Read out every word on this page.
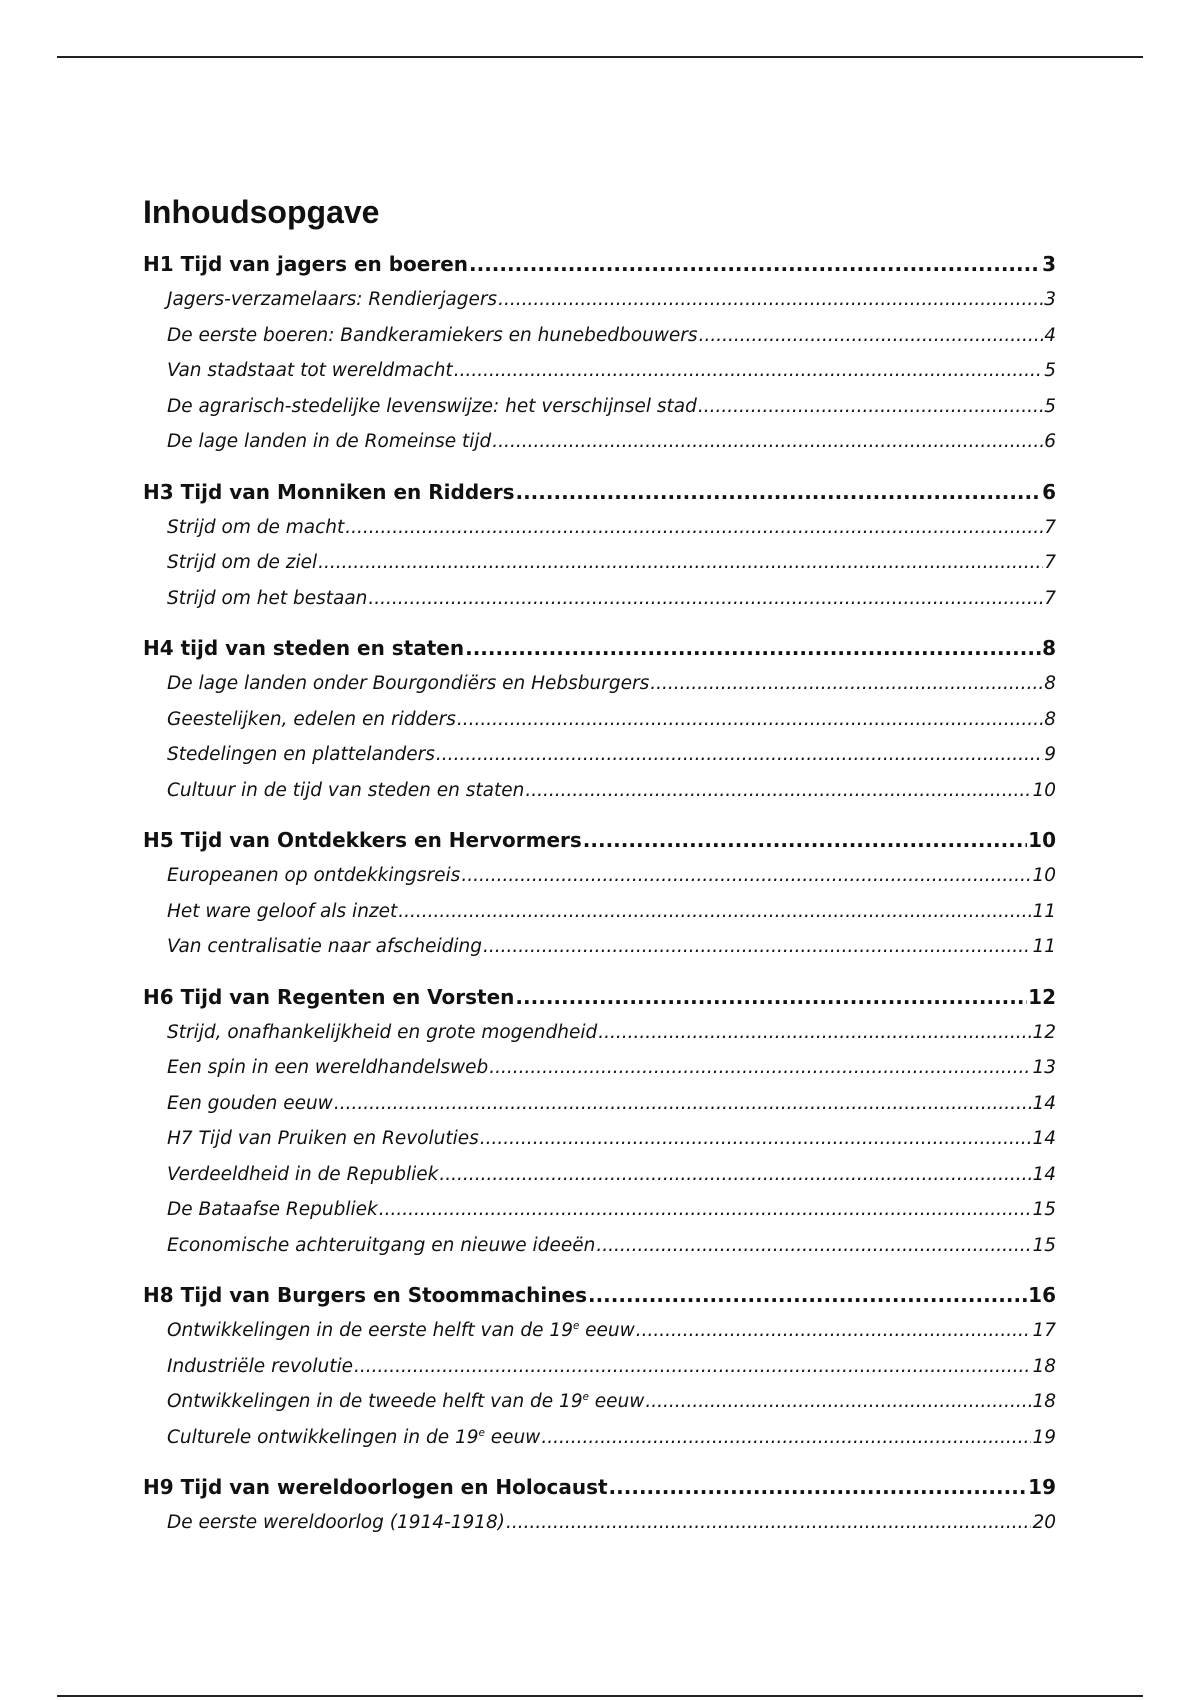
Inhoudsopgave
H1 Tijd van jagers en boeren .....	3
Jagers-verzamelaars: Rendierjagers .....	3
De eerste boeren: Bandkeramiekers en hunebedbouwers .....	4
Van stadstaat tot wereldmacht .....	5
De agrarisch-stedelijke levenswijze: het verschijnsel stad .....	5
De lage landen in de Romeinse tijd .....	6
H3 Tijd van Monniken en Ridders .....	6
Strijd om de macht .....	7
Strijd om de ziel .....	7
Strijd om het bestaan .....	7
H4 tijd van steden en staten .....	8
De lage landen onder Bourgondiërs en Hebsburgers .....	8
Geestelijken, edelen en ridders .....	8
Stedelingen en plattelanders .....	9
Cultuur in de tijd van steden en staten .....	10
H5 Tijd van Ontdekkers en Hervormers .....	10
Europeanen op ontdekkingsreis .....	10
Het ware geloof als inzet .....	11
Van centralisatie naar afscheiding .....	11
H6 Tijd van Regenten en Vorsten .....	12
Strijd, onafhankelijkheid en grote mogendheid .....	12
Een spin in een wereldhandelsweb .....	13
Een gouden eeuw .....	14
H7 Tijd van Pruiken en Revoluties .....	14
Verdeeldheid in de Republiek .....	14
De Bataafse Republiek .....	15
Economische achteruitgang en nieuwe ideeën .....	15
H8 Tijd van Burgers en Stoommachines .....	16
Ontwikkelingen in de eerste helft van de 19e eeuw .....	17
Industriële revolutie .....	18
Ontwikkelingen in de tweede helft van de 19e eeuw .....	18
Culturele ontwikkelingen in de 19e eeuw .....	19
H9 Tijd van wereldoorlogen en Holocaust .....	19
De eerste wereldoorlog (1914-1918) .....	20
